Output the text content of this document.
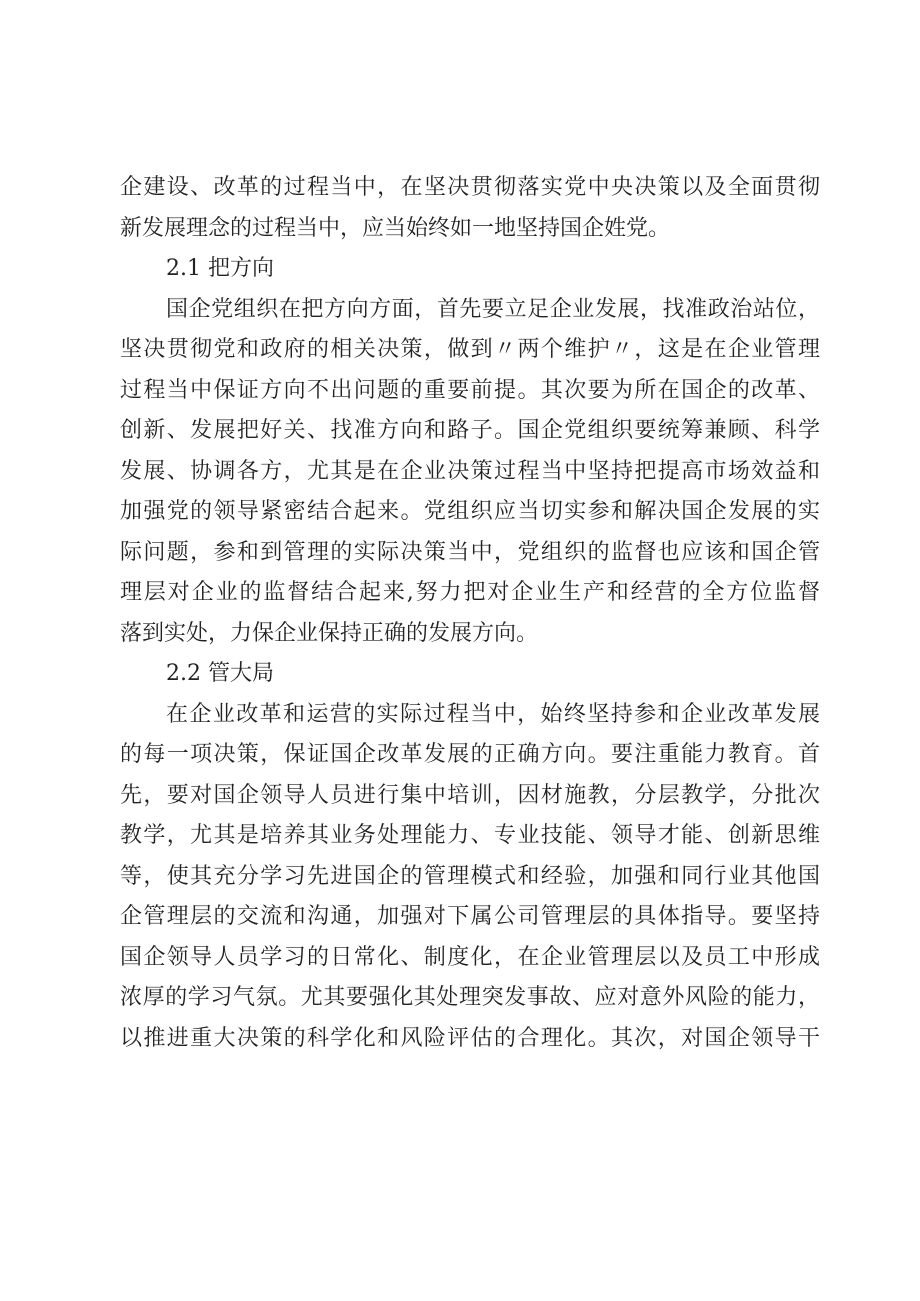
企建设、改革的过程当中，在坚决贯彻落实党中央决策以及全面贯彻
新发展理念的过程当中，应当始终如一地坚持国企姓党。
2.1 把方向
国企党组织在把方向方面，首先要立足企业发展，找准政治站位，
坚决贯彻党和政府的相关决策，做到〃两个维护〃，这是在企业管理
过程当中保证方向不出问题的重要前提。其次要为所在国企的改革、
创新、发展把好关、找准方向和路子。国企党组织要统筹兼顾、科学
发展、协调各方，尤其是在企业决策过程当中坚持把提高市场效益和
加强党的领导紧密结合起来。党组织应当切实参和解决国企发展的实
际问题，参和到管理的实际决策当中，党组织的监督也应该和国企管
理层对企业的监督结合起来,努力把对企业生产和经营的全方位监督
落到实处，力保企业保持正确的发展方向。
2.2 管大局
在企业改革和运营的实际过程当中，始终坚持参和企业改革发展
的每一项决策，保证国企改革发展的正确方向。要注重能力教育。首
先，要对国企领导人员进行集中培训，因材施教，分层教学，分批次
教学，尤其是培养其业务处理能力、专业技能、领导才能、创新思维
等，使其充分学习先进国企的管理模式和经验，加强和同行业其他国
企管理层的交流和沟通，加强对下属公司管理层的具体指导。要坚持
国企领导人员学习的日常化、制度化，在企业管理层以及员工中形成
浓厚的学习气氛。尤其要强化其处理突发事故、应对意外风险的能力，
以推进重大决策的科学化和风险评估的合理化。其次，对国企领导干
